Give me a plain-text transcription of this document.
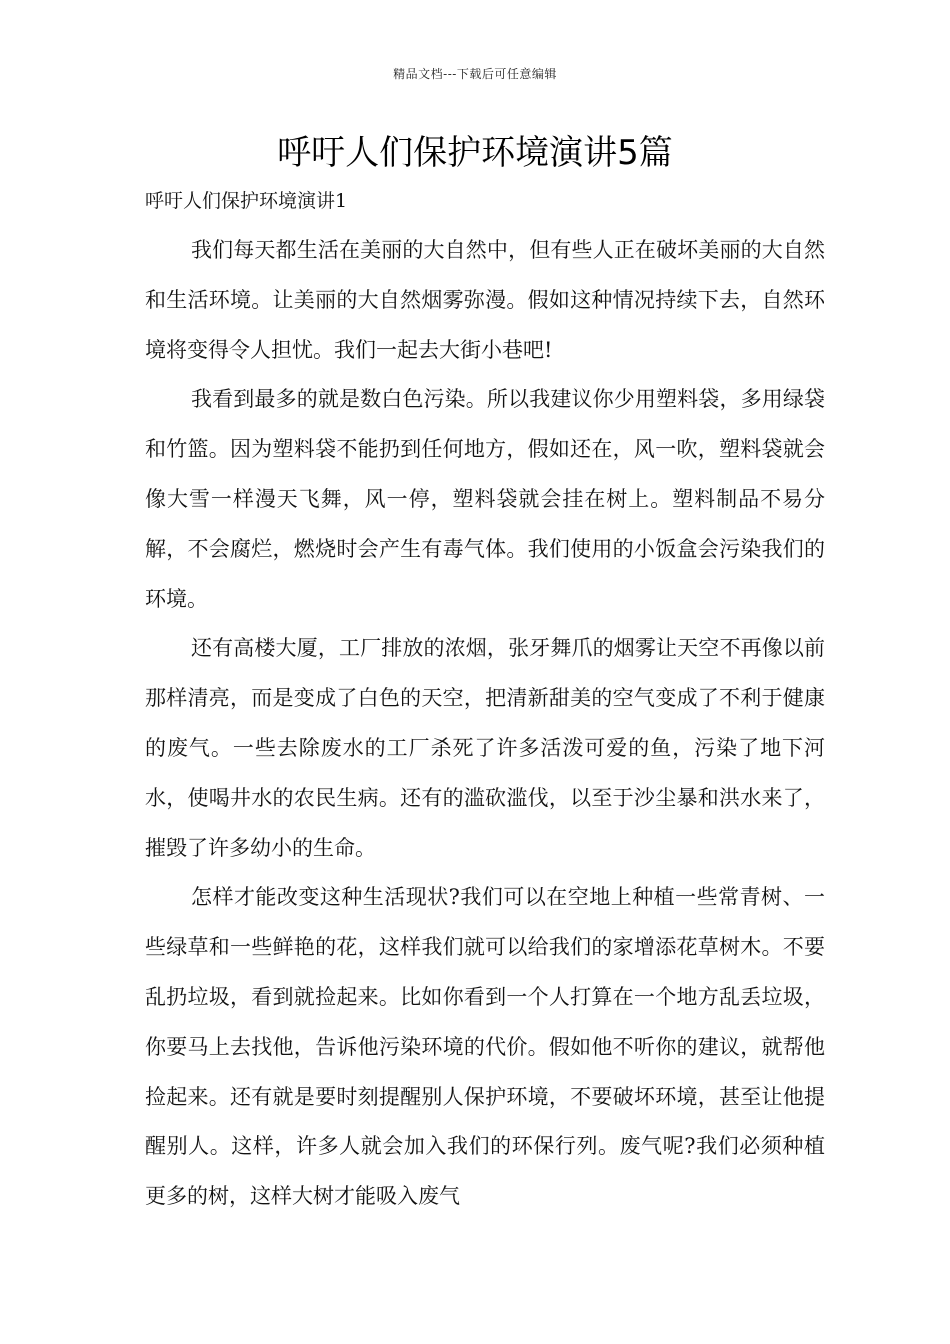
精品文档---下载后可任意编辑
呼吁人们保护环境演讲5篇
呼吁人们保护环境演讲1

我们每天都生活在美丽的大自然中，但有些人正在破坏美丽的大自然和生活环境。让美丽的大自然烟雾弥漫。假如这种情况持续下去，自然环境将变得令人担忧。我们一起去大街小巷吧!

我看到最多的就是数白色污染。所以我建议你少用塑料袋，多用绿袋和竹篮。因为塑料袋不能扔到任何地方，假如还在，风一吹，塑料袋就会像大雪一样漫天飞舞，风一停，塑料袋就会挂在树上。塑料制品不易分解，不会腐烂，燃烧时会产生有毒气体。我们使用的小饭盒会污染我们的环境。

还有高楼大厦，工厂排放的浓烟，张牙舞爪的烟雾让天空不再像以前那样清亮，而是变成了白色的天空，把清新甜美的空气变成了不利于健康的废气。一些去除废水的工厂杀死了许多活泼可爱的鱼，污染了地下河水，使喝井水的农民生病。还有的滥砍滥伐，以至于沙尘暴和洪水来了，摧毁了许多幼小的生命。

怎样才能改变这种生活现状?我们可以在空地上种植一些常青树、一些绿草和一些鲜艳的花，这样我们就可以给我们的家增添花草树木。不要乱扔垃圾，看到就捡起来。比如你看到一个人打算在一个地方乱丢垃圾，你要马上去找他，告诉他污染环境的代价。假如他不听你的建议，就帮他捡起来。还有就是要时刻提醒别人保护环境，不要破坏环境，甚至让他提醒别人。这样，许多人就会加入我们的环保行列。废气呢?我们必须种植更多的树，这样大树才能吸入废气
